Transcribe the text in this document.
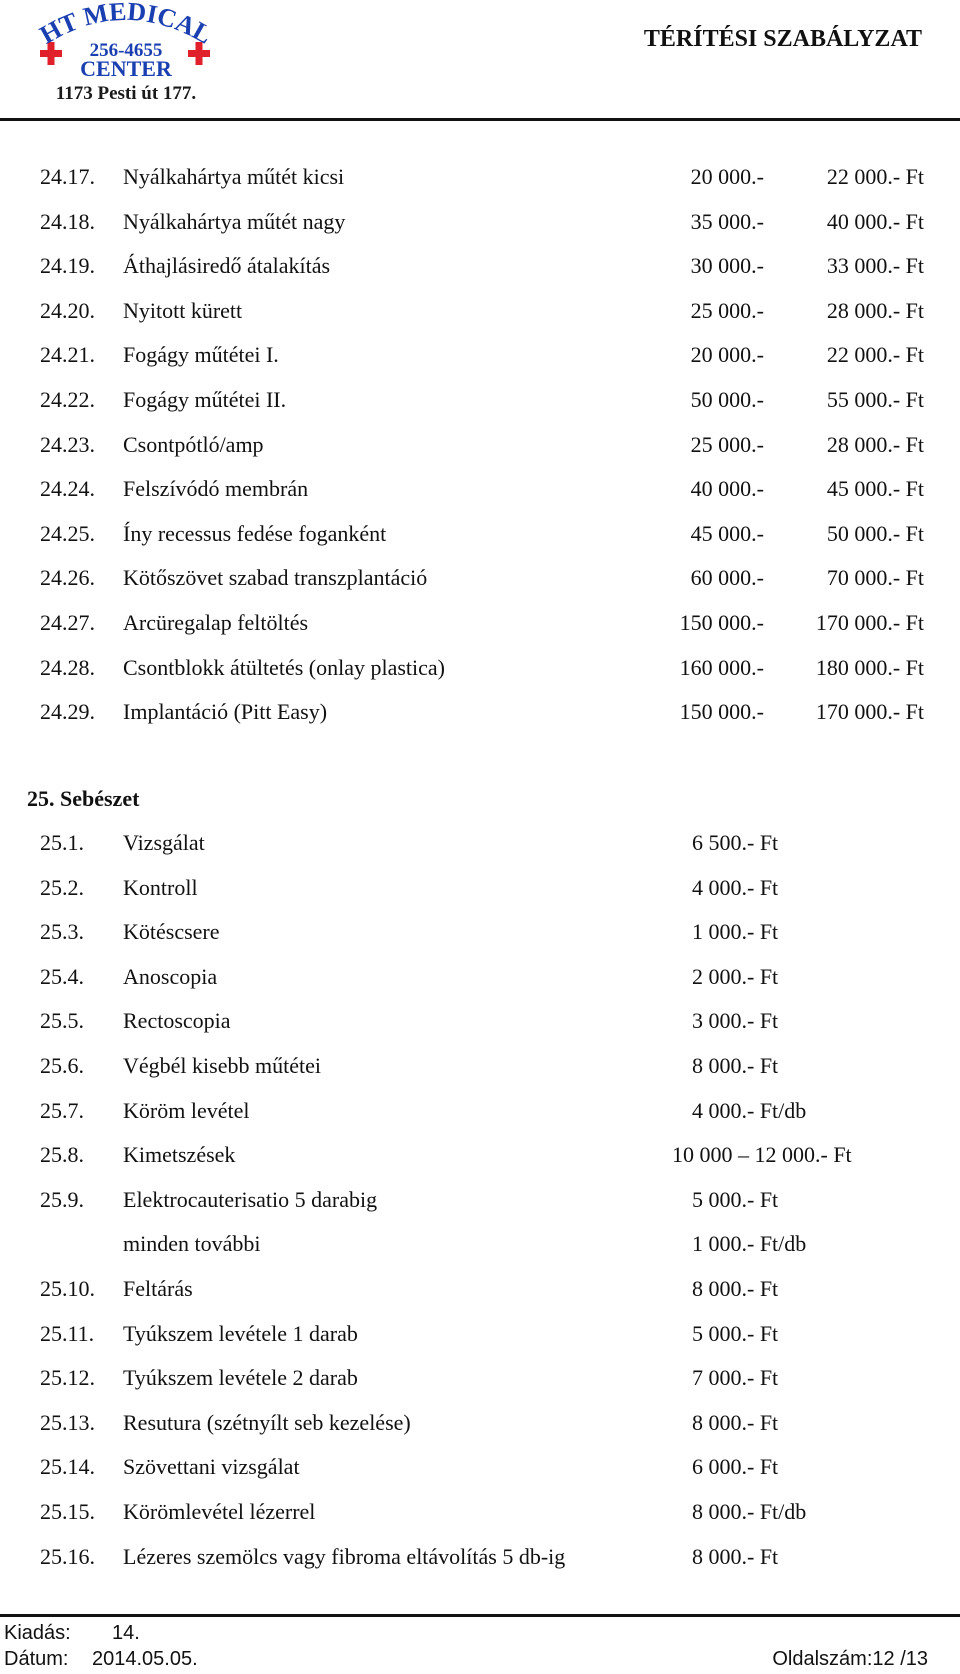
HT MEDICAL
256-4655
CENTER
1173 Pesti út 177.
TÉRÍTÉSI SZABÁLYZAT
24.17. Nyálkahártya műtét kicsi	20 000.-	22 000.- Ft
24.18. Nyálkahártya műtét nagy	35 000.-	40 000.- Ft
24.19. Áthajlásiredő átalakítás	30 000.-	33 000.- Ft
24.20. Nyitott kürett	25 000.-	28 000.- Ft
24.21. Fogágy műtétei I.	20 000.-	22 000.- Ft
24.22. Fogágy műtétei II.	50 000.-	55 000.- Ft
24.23. Csontpótló/amp	25 000.-	28 000.- Ft
24.24. Felszívódó membrán	40 000.-	45 000.- Ft
24.25. Íny recessus fedése foganként	45 000.-	50 000.- Ft
24.26. Kötőszövet szabad transzplantáció	60 000.-	70 000.- Ft
24.27. Arcüregalap feltöltés	150 000.- 170 000.- Ft
24.28. Csontblokk átültetés (onlay plastica)	160 000.- 180 000.- Ft
24.29. Implantáció (Pitt Easy)	150 000.- 170 000.- Ft
25. Sebészet
25.1. Vizsgálat	6 500.- Ft
25.2. Kontroll	4 000.- Ft
25.3. Kötéscsere	1 000.- Ft
25.4. Anoscopia	2 000.- Ft
25.5. Rectoscopia	3 000.- Ft
25.6. Végbél kisebb műtétei	8 000.- Ft
25.7. Köröm levétel	4 000.- Ft/db
25.8. Kimetszések	10 000 – 12 000.- Ft
25.9. Elektrocauterisatio 5 darabig	5 000.- Ft
minden további	1 000.- Ft/db
25.10. Feltárás	8 000.- Ft
25.11. Tyúkszem levétele 1 darab	5 000.- Ft
25.12. Tyúkszem levétele 2 darab	7 000.- Ft
25.13. Resutura (szétnyílt seb kezelése)	8 000.- Ft
25.14. Szövettani vizsgálat	6 000.- Ft
25.15. Körömlevétel lézerrel	8 000.- Ft/db
25.16. Lézeres szemölcs vagy fibroma eltávolítás 5 db-ig	8 000.- Ft
Kiadás: 14.
Dátum: 2014.05.05.	Oldalszám:12 /13
